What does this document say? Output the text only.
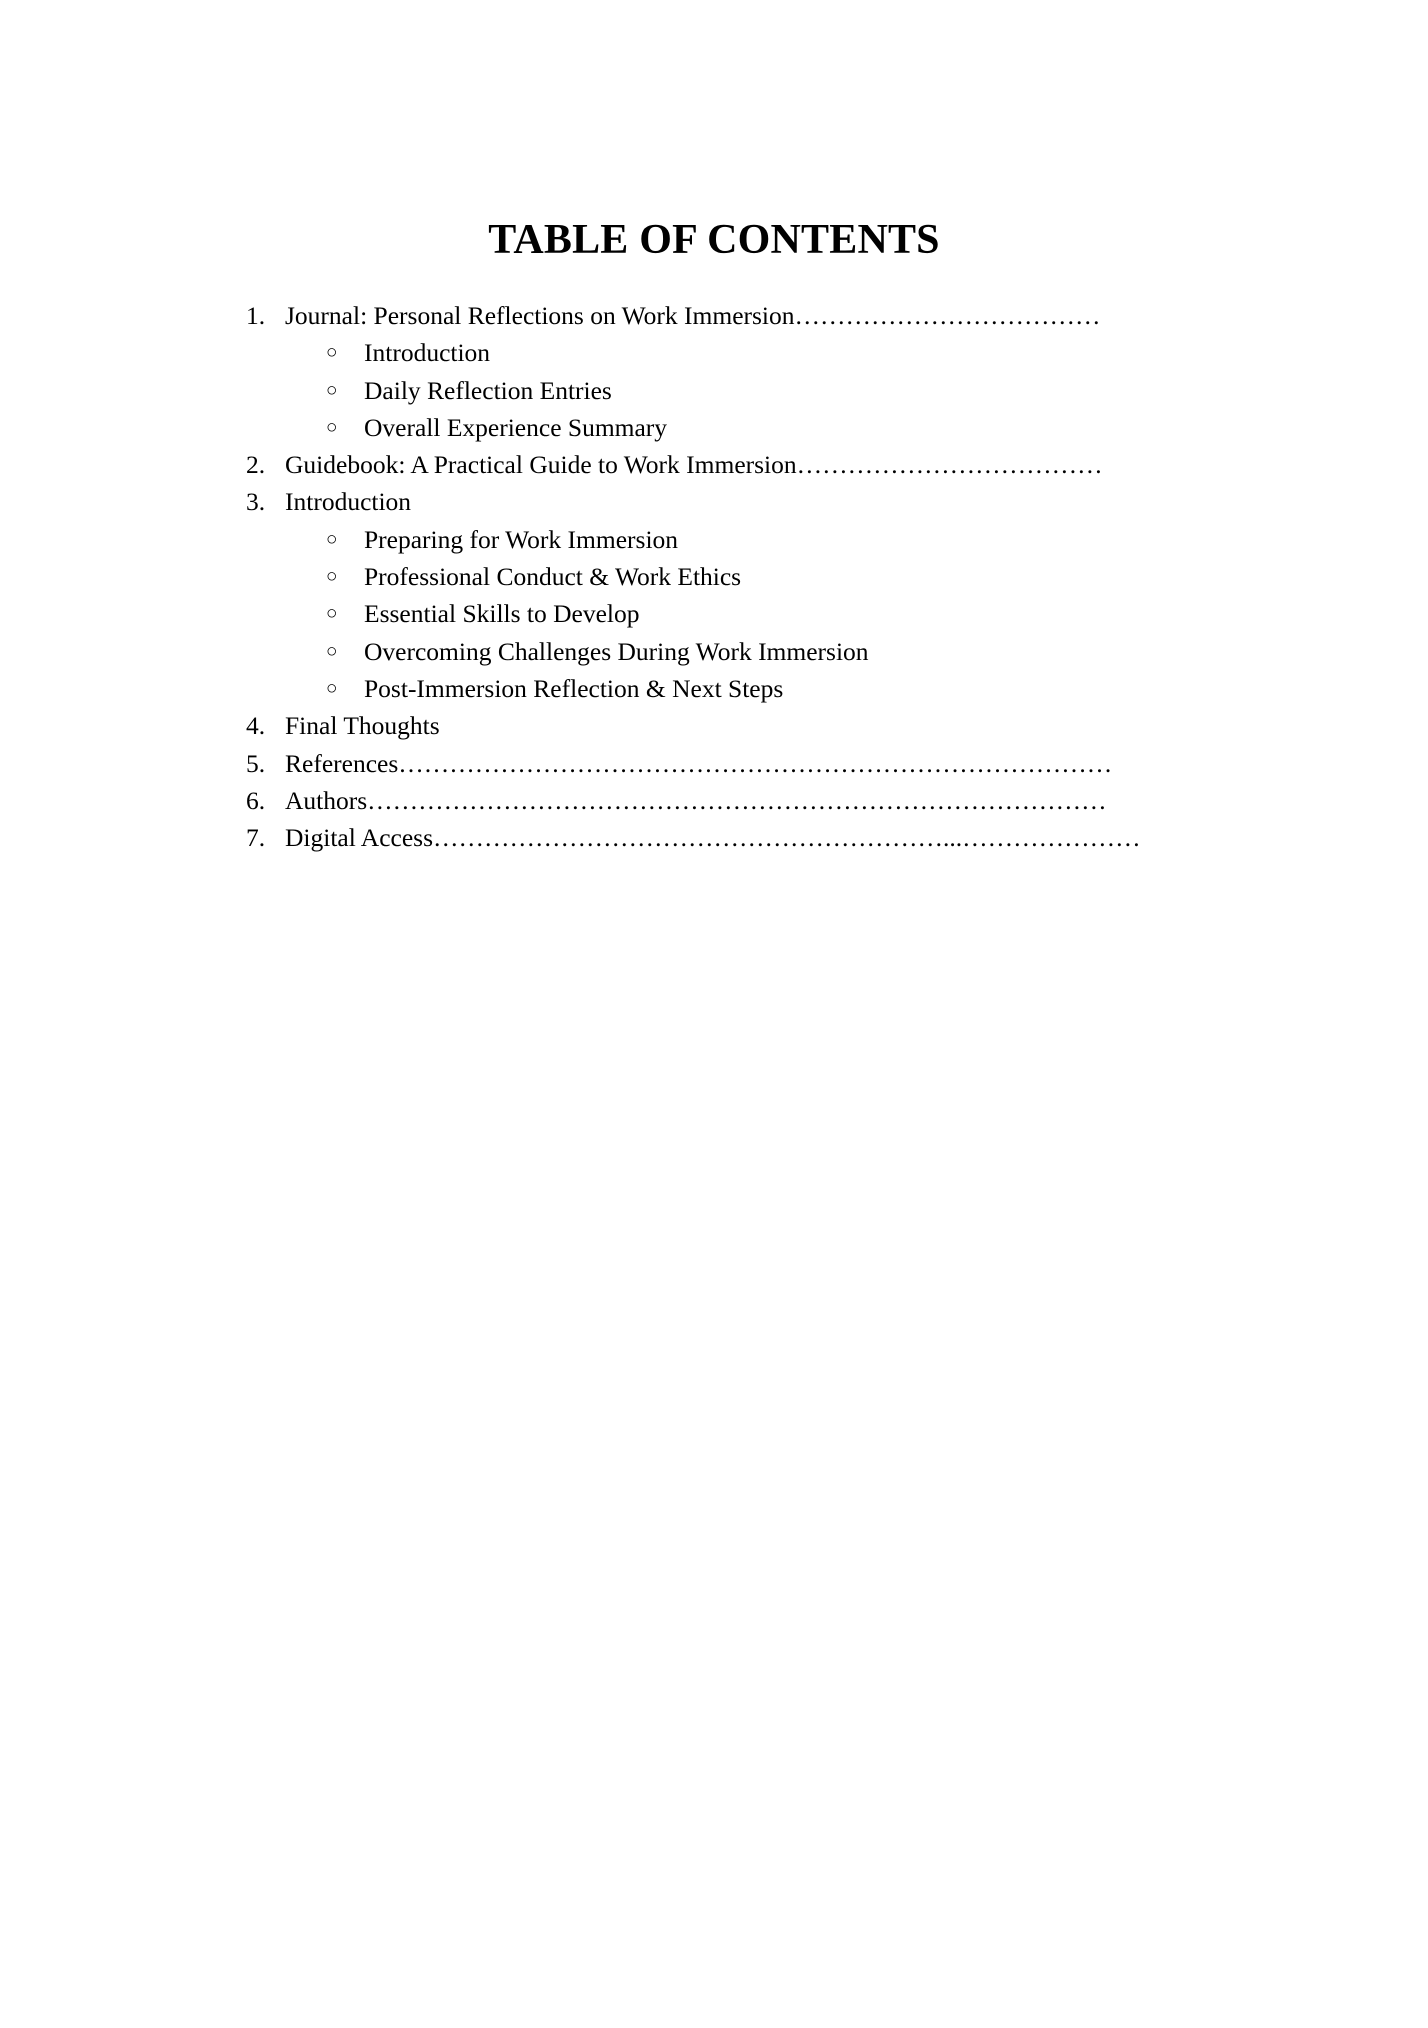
TABLE OF CONTENTS
1. Journal: Personal Reflections on Work Immersion………………………………
○ Introduction
○ Daily Reflection Entries
○ Overall Experience Summary
2. Guidebook: A Practical Guide to Work Immersion………………………………
3. Introduction
○ Preparing for Work Immersion
○ Professional Conduct & Work Ethics
○ Essential Skills to Develop
○ Overcoming Challenges During Work Immersion
○ Post-Immersion Reflection & Next Steps
4. Final Thoughts
5. References…………………………………………………………………………
6. Authors……………………………………………………………………………
7. Digital Access……………………………………………………...…………………
